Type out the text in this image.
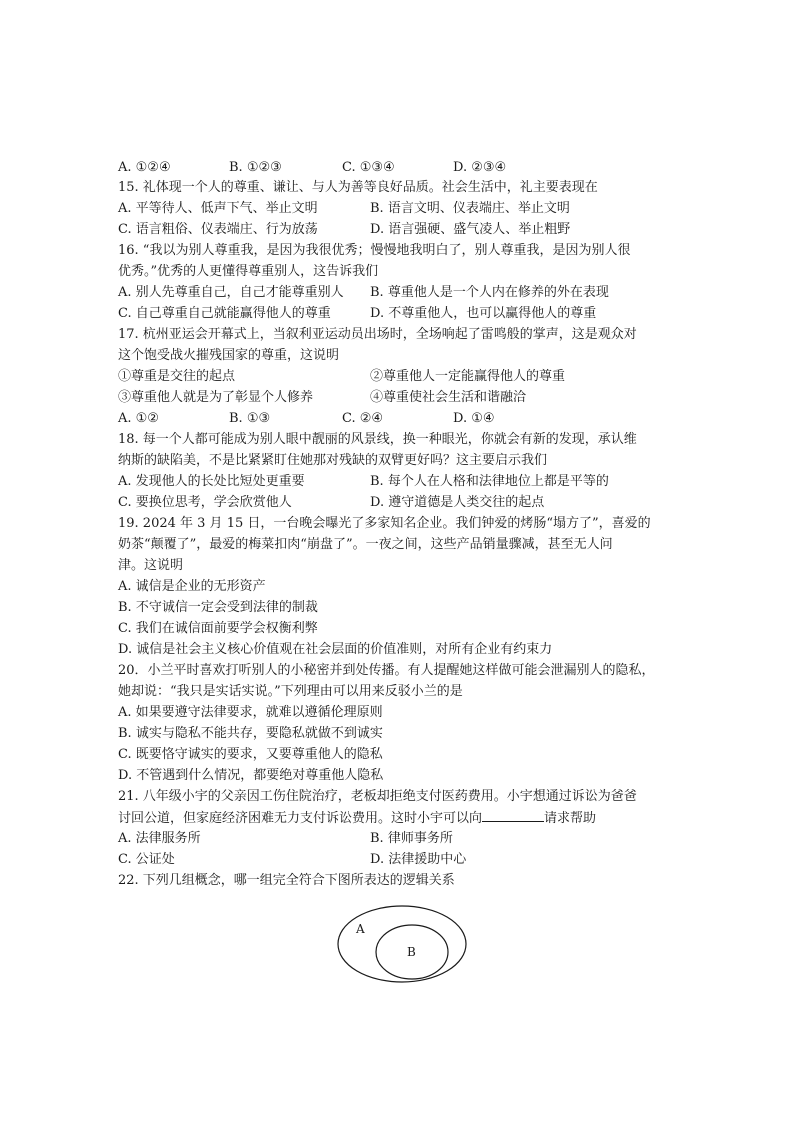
A. ①②④	B. ①②③	C. ①③④	D. ②③④
15. 礼体现一个人的尊重、谦让、与人为善等良好品质。社会生活中，礼主要表现在
A. 平等待人、低声下气、举止文明	B. 语言文明、仪表端庄、举止文明
C. 语言粗俗、仪表端庄、行为放荡	D. 语言强硬、盛气凌人、举止粗野
16. “我以为别人尊重我，是因为我很优秀；慢慢地我明白了，别人尊重我，是因为别人很
优秀。”优秀的人更懂得尊重别人，这告诉我们
A. 别人先尊重自己，自己才能尊重别人 B. 尊重他人是一个人内在修养的外在表现
C. 自己尊重自己就能赢得他人的尊重	D. 不尊重他人，也可以赢得他人的尊重
17. 杭州亚运会开幕式上，当叙利亚运动员出场时，全场响起了雷鸣般的掌声，这是观众对
这个饱受战火摧残国家的尊重，这说明
①尊重是交往的起点	②尊重他人一定能赢得他人的尊重
③尊重他人就是为了彰显个人修养	④尊重使社会生活和谐融洽
A. ①②	B. ①③	C. ②④	D. ①④
18. 每一个人都可能成为别人眼中靓丽的风景线，换一种眼光，你就会有新的发现，承认维
纳斯的缺陷美，不是比紧紧盯住她那对残缺的双臂更好吗？这主要启示我们
A. 发现他人的长处比短处更重要	B. 每个人在人格和法律地位上都是平等的
C. 要换位思考，学会欣赏他人	D. 遵守道德是人类交往的起点
19. 2024 年 3 月 15 日，一台晚会曝光了多家知名企业。我们钟爱的烤肠“塌方了”，喜爱的
奶茶“颠覆了”，最爱的梅菜扣肉“崩盘了”。一夜之间，这些产品销量骤减，甚至无人问
津。这说明
A. 诚信是企业的无形资产
B. 不守诚信一定会受到法律的制裁
C. 我们在诚信面前要学会权衡利弊
D. 诚信是社会主义核心价值观在社会层面的价值准则，对所有企业有约束力
20．小兰平时喜欢打听别人的小秘密并到处传播。有人提醒她这样做可能会泄漏别人的隐私，
她却说：“我只是实话实说。”下列理由可以用来反驳小兰的是
A. 如果要遵守法律要求，就难以遵循伦理原则
B. 诚实与隐私不能共存，要隐私就做不到诚实
C. 既要恪守诚实的要求，又要尊重他人的隐私
D. 不管遇到什么情况，都要绝对尊重他人隐私
21. 八年级小宇的父亲因工伤住院治疗，老板却拒绝支付医药费用。小宇想通过诉讼为爸爸
讨回公道，但家庭经济困难无力支付诉讼费用。这时小宇可以向	请求帮助
A. 法律服务所	B. 律师事务所
C. 公证处	D. 法律援助中心
22. 下列几组概念，哪一组完全符合下图所表达的逻辑关系
A
B
